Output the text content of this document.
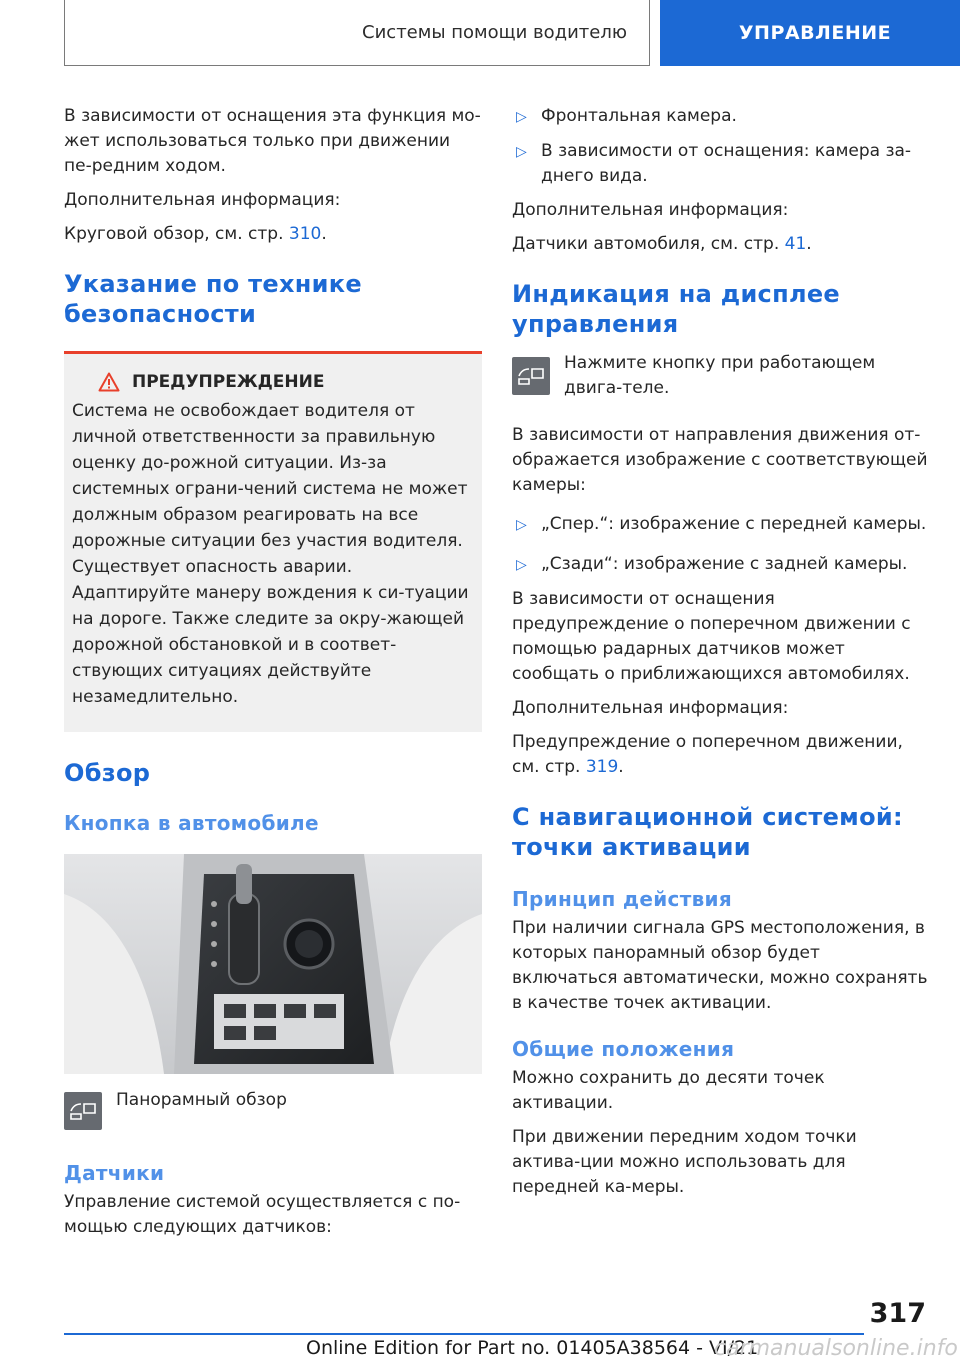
Системы помощи водителю	УПРАВЛЕНИЕ

В зависимости от оснащения эта функция мо-жет использоваться только при движении пе-редним ходом.

Дополнительная информация:

Круговой обзор, см. стр. 310.

Указание по технике безопасности
ПРЕДУПРЕЖДЕНИЕ

Система не освобождает водителя от личной ответственности за правильную оценку до-рожной ситуации. Из-за системных ограни-чений система не может должным образом реагировать на все дорожные ситуации без участия водителя. Существует опасность аварии. Адаптируйте манеру вождения к си-туации на дороге. Также следите за окру-жающей дорожной обстановкой и в соответ-ствующих ситуациях действуйте незамедлительно.

Обзор
Кнопка в автомобиле
Панорамный обзор
Датчики

Управление системой осуществляется с по-мощью следующих датчиков:

▷ Фронтальная камера.
▷ В зависимости от оснащения: камера за-днего вида.

Дополнительная информация:

Датчики автомобиля, см. стр. 41.

Индикация на дисплее управления
Нажмите кнопку при работающем двига-теле.

В зависимости от направления движения от-ображается изображение с соответствующей камеры:

▷ „Спер.“: изображение с передней камеры.
▷ „Сзади“: изображение с задней камеры.

В зависимости от оснащения предупреждение о поперечном движении с помощью радарных датчиков может сообщать о приближающихся автомобилях.

Дополнительная информация:

Предупреждение о поперечном движении, см. стр. 319.

С навигационной системой: точки активации
Принцип действия

При наличии сигнала GPS местоположения, в которых панорамный обзор будет включаться автоматически, можно сохранять в качестве точек активации.

Общие положения

Можно сохранить до десяти точек активации.

При движении передним ходом точки актива-ции можно использовать для передней ка-меры.

317
Online Edition for Part no. 01405A38564 - VI/21
carmanualsonline.info
